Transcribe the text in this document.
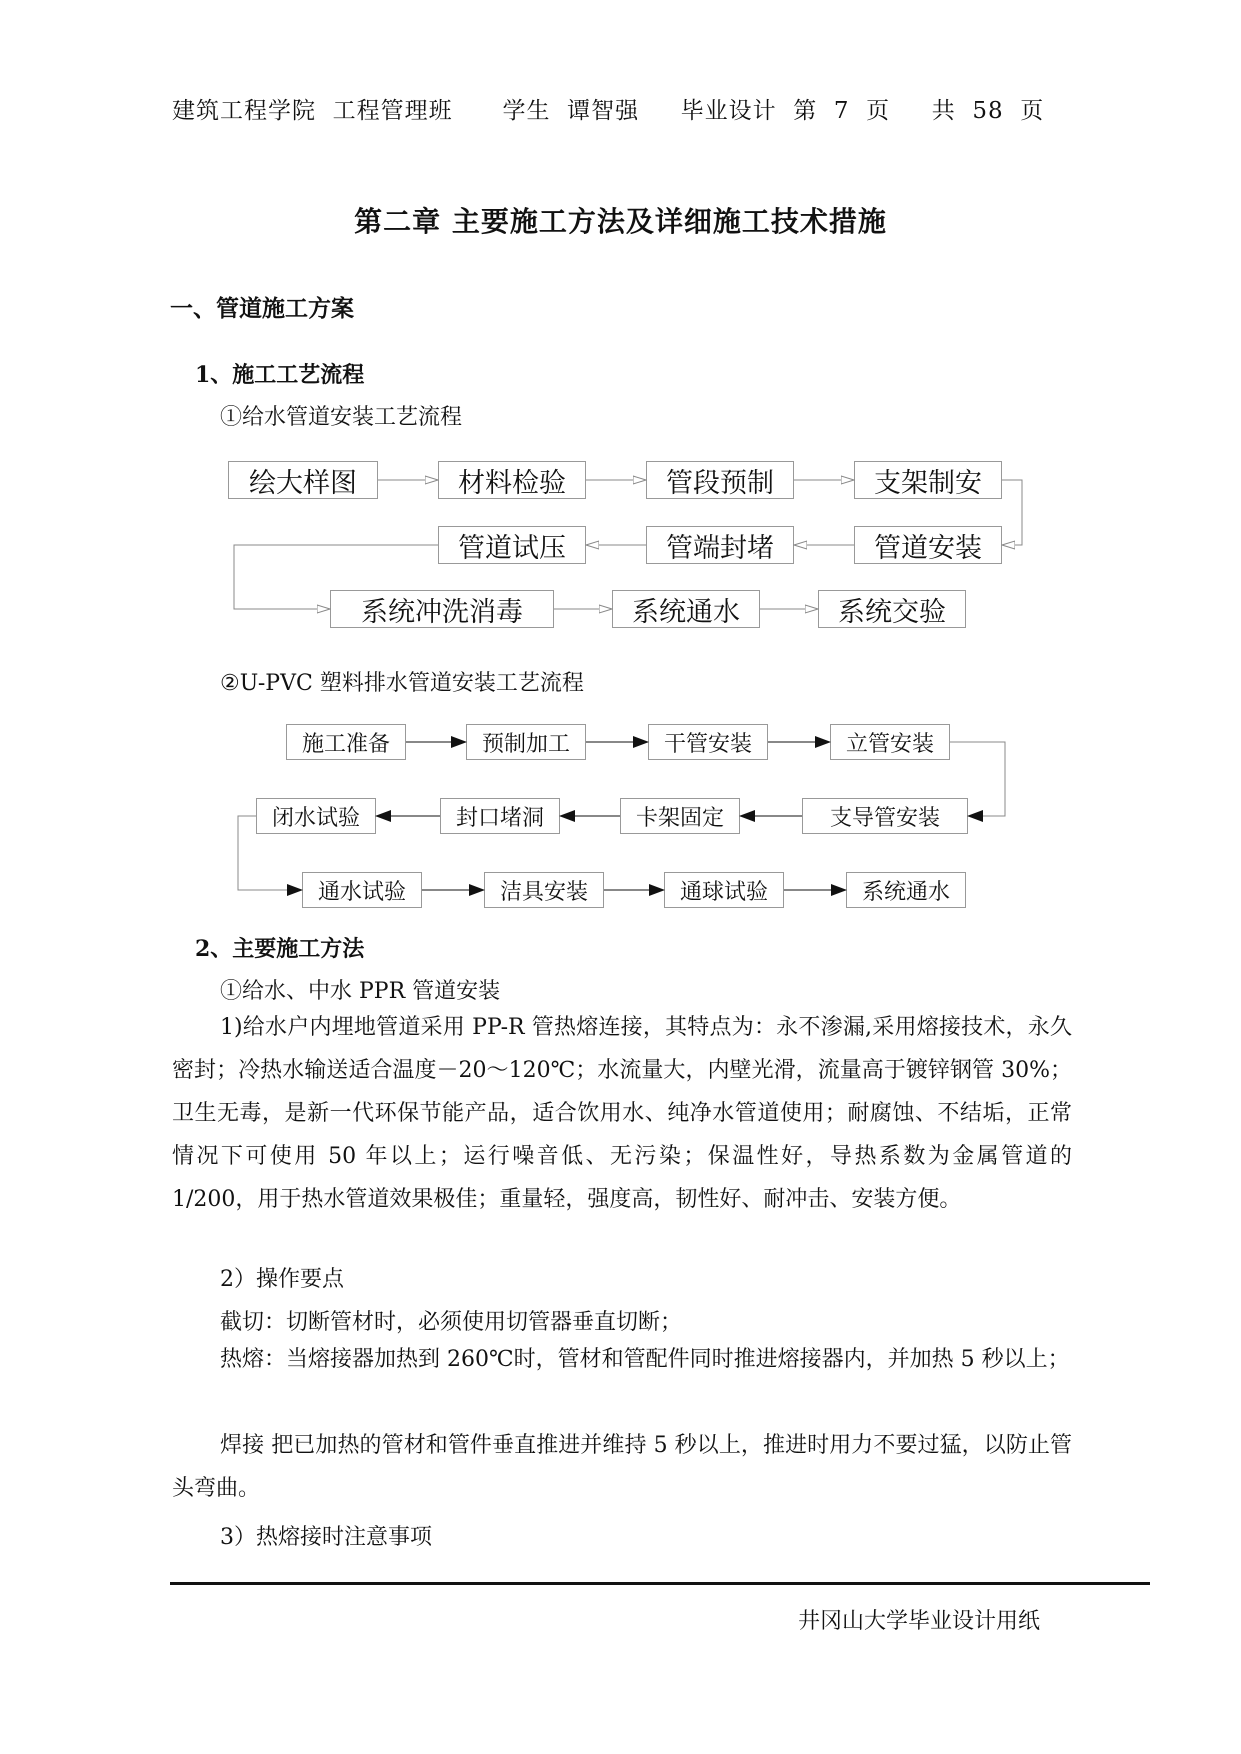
建筑工程学院  工程管理班      学生  谭智强     毕业设计  第  7  页     共  58  页
第二章 主要施工方法及详细施工技术措施
一、管道施工方案
1、施工工艺流程
①给水管道安装工艺流程
绘大样图	材料检验	管段预制	支架制安
管道试压	管端封堵	管道安装
系统冲洗消毒	系统通水	系统交验
②U-PVC 塑料排水管道安装工艺流程
施工准备	预制加工	干管安装	立管安装
闭水试验	封口堵洞	卡架固定	支导管安装
通水试验	洁具安装	通球试验	系统通水
2、主要施工方法
①给水、中水 PPR 管道安装
1)给水户内埋地管道采用 PP-R 管热熔连接，其特点为：永不渗漏,采用熔接技术，永久密封；冷热水输送适合温度－20～120℃；水流量大，内壁光滑，流量高于镀锌钢管 30%；卫生无毒，是新一代环保节能产品，适合饮用水、纯净水管道使用；耐腐蚀、不结垢，正常情况下可使用 50 年以上；运行噪音低、无污染；保温性好，导热系数为金属管道的 1/200，用于热水管道效果极佳；重量轻，强度高，韧性好、耐冲击、安装方便。
2）操作要点
截切：切断管材时，必须使用切管器垂直切断；
热熔：当熔接器加热到 260℃时，管材和管配件同时推进熔接器内，并加热 5 秒以上；
焊接 把已加热的管材和管件垂直推进并维持 5 秒以上，推进时用力不要过猛，以防止管头弯曲。
3）热熔接时注意事项
井冈山大学毕业设计用纸
